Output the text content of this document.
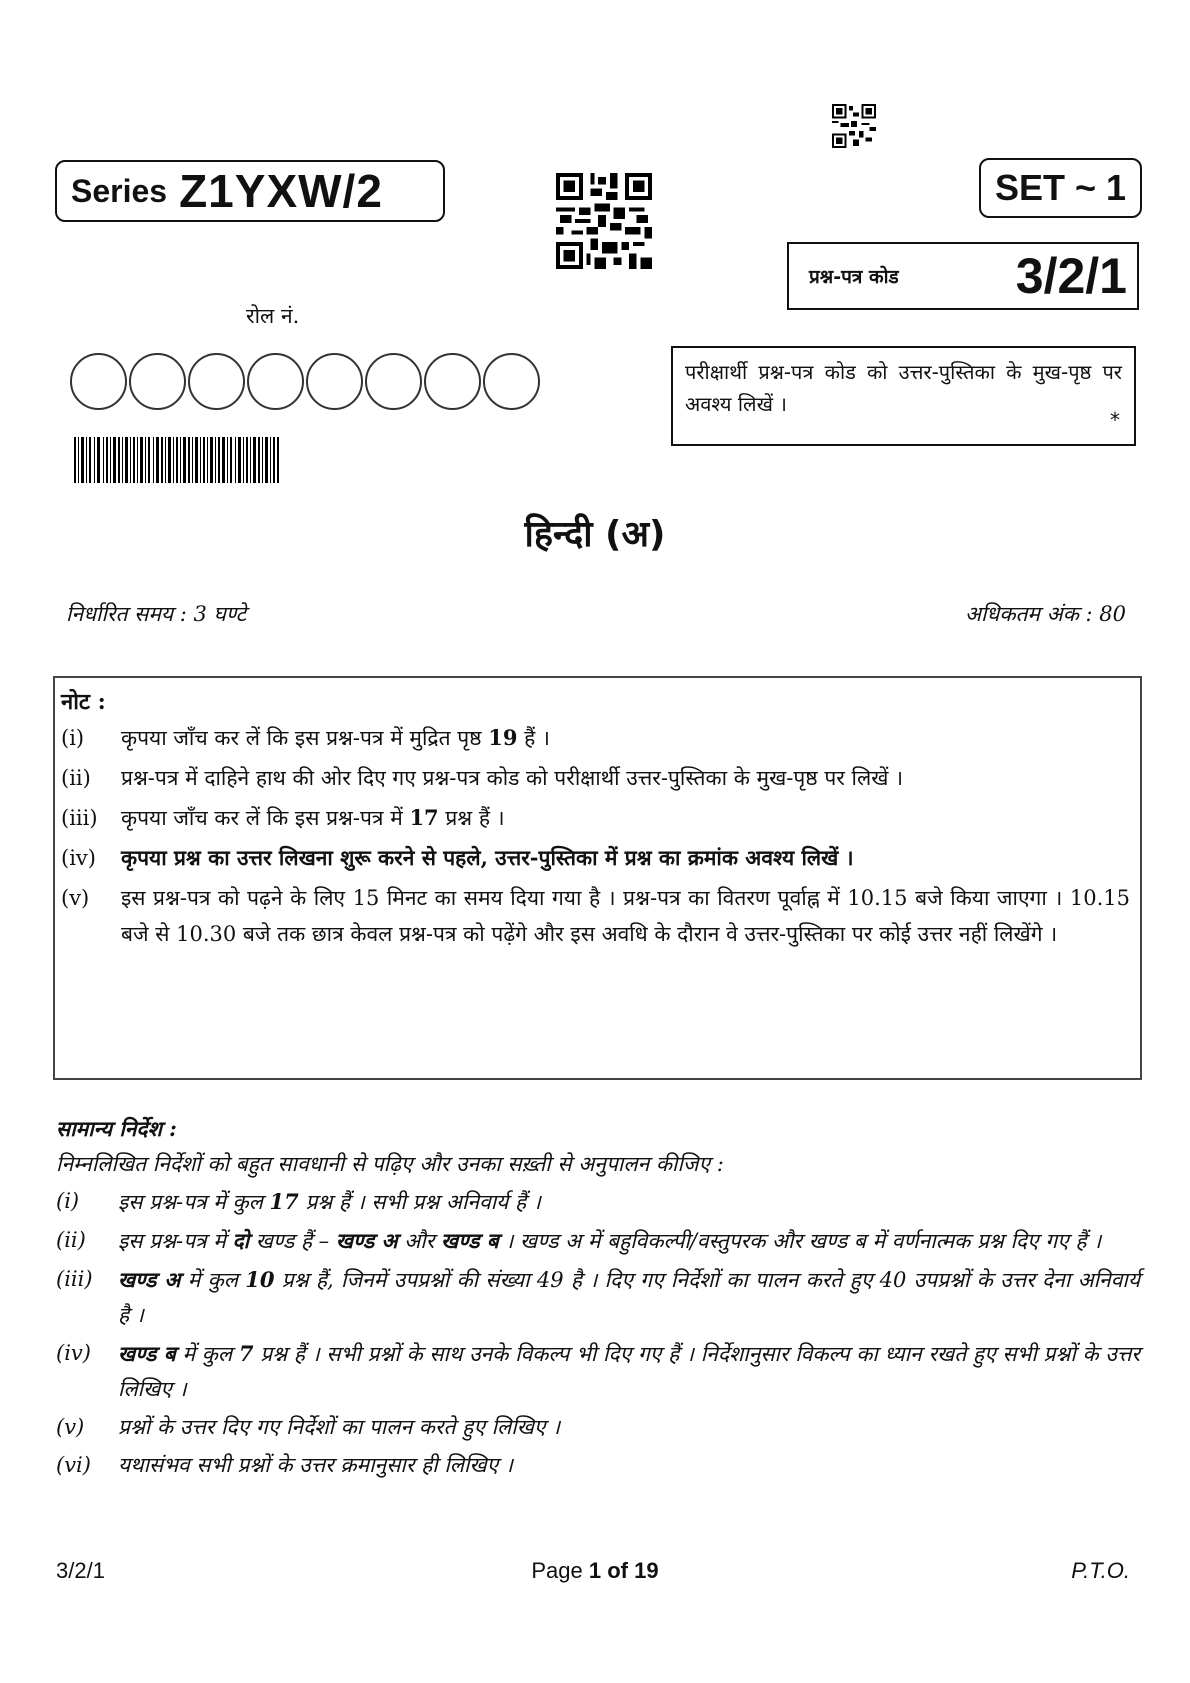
Series Z1YXW/2	SET ~ 1
प्रश्न-पत्र कोड 3/2/1
रोल नं.
परीक्षार्थी प्रश्न-पत्र कोड को उत्तर-पुस्तिका के मुख-पृष्ठ पर अवश्य लिखें ।
*
हिन्दी (अ)
निर्धारित समय : 3 घण्टे	अधिकतम अंक : 80
नोट :
(i)	कृपया जाँच कर लें कि इस प्रश्न-पत्र में मुद्रित पृष्ठ 19 हैं ।
(ii)	प्रश्न-पत्र में दाहिने हाथ की ओर दिए गए प्रश्न-पत्र कोड को परीक्षार्थी उत्तर-पुस्तिका के मुख-पृष्ठ पर लिखें ।
(iii)	कृपया जाँच कर लें कि इस प्रश्न-पत्र में 17 प्रश्न हैं ।
(iv)	कृपया प्रश्न का उत्तर लिखना शुरू करने से पहले, उत्तर-पुस्तिका में प्रश्न का क्रमांक अवश्य लिखें ।
(v)	इस प्रश्न-पत्र को पढ़ने के लिए 15 मिनट का समय दिया गया है । प्रश्न-पत्र का वितरण पूर्वाह्न में 10.15 बजे किया जाएगा । 10.15 बजे से 10.30 बजे तक छात्र केवल प्रश्न-पत्र को पढ़ेंगे और इस अवधि के दौरान वे उत्तर-पुस्तिका पर कोई उत्तर नहीं लिखेंगे ।
सामान्य निर्देश :
निम्नलिखित निर्देशों को बहुत सावधानी से पढ़िए और उनका सख़्ती से अनुपालन कीजिए :
(i)	इस प्रश्न-पत्र में कुल 17 प्रश्न हैं । सभी प्रश्न अनिवार्य हैं ।
(ii)	इस प्रश्न-पत्र में दो खण्ड हैं – खण्ड अ और खण्ड ब । खण्ड अ में बहुविकल्पी/वस्तुपरक और खण्ड ब में वर्णनात्मक प्रश्न दिए गए हैं ।
(iii)	खण्ड अ में कुल 10 प्रश्न हैं, जिनमें उपप्रश्नों की संख्या 49 है । दिए गए निर्देशों का पालन करते हुए 40 उपप्रश्नों के उत्तर देना अनिवार्य है ।
(iv)	खण्ड ब में कुल 7 प्रश्न हैं । सभी प्रश्नों के साथ उनके विकल्प भी दिए गए हैं । निर्देशानुसार विकल्प का ध्यान रखते हुए सभी प्रश्नों के उत्तर लिखिए ।
(v)	प्रश्नों के उत्तर दिए गए निर्देशों का पालन करते हुए लिखिए ।
(vi)	यथासंभव सभी प्रश्नों के उत्तर क्रमानुसार ही लिखिए ।
3/2/1	Page 1 of 19	P.T.O.
